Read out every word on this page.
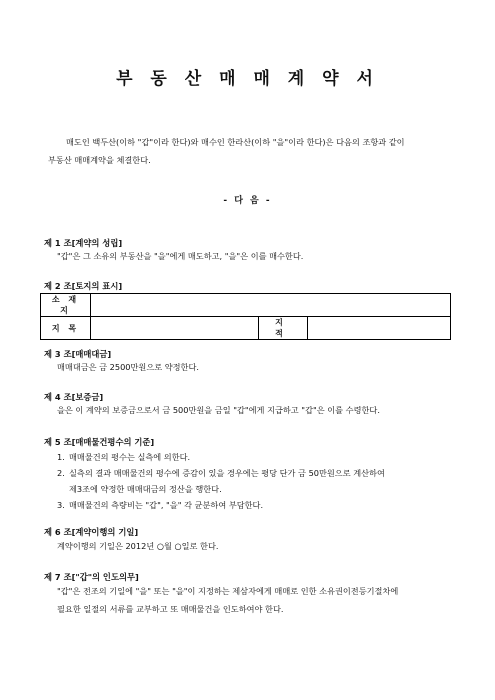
부 동 산 매 매 계 약 서
매도인 백두산(이하 "갑"이라 한다)와 매수인 한라산(이하 "을"이라 한다)은 다음의 조항과 같이
부동산 매매계약을 체결한다.
- 다 음 -
제 1 조[계약의 성립]
"갑"은 그 소유의 부동산을 "을"에게 매도하고, "을"은 이를 매수한다.
제 2 조[토지의 표시]
소 재 지			
지 목		지 적	
제 3 조[매매대금]
매매대금은 금 2500만원으로 약정한다.
제 4 조[보증금]
을은 이 계약의 보증금으로서 금 500만원을 금일 "갑"에게 지급하고 "갑"은 이를 수령한다.
제 5 조[매매물건평수의 기준]
1. 매매물건의 평수는 실측에 의한다.
2. 실측의 결과 매매물건의 평수에 증감이 있을 경우에는 평당 단가 금 50만원으로 계산하여
제3조에 약정한 매매대금의 정산을 행한다.
3. 매매물건의 측량비는 "갑", "을" 각 균분하여 부담한다.
제 6 조[계약이행의 기일]
계약이행의 기일은 2012년 ○월 ○일로 한다.
제 7 조["갑"의 인도의무]
"갑"은 전조의 기일에 "을" 또는 "을"이 지정하는 제삼자에게 매매로 인한 소유권이전등기절차에
필요한 일절의 서류를 교부하고 또 매매물건을 인도하여야 한다.
